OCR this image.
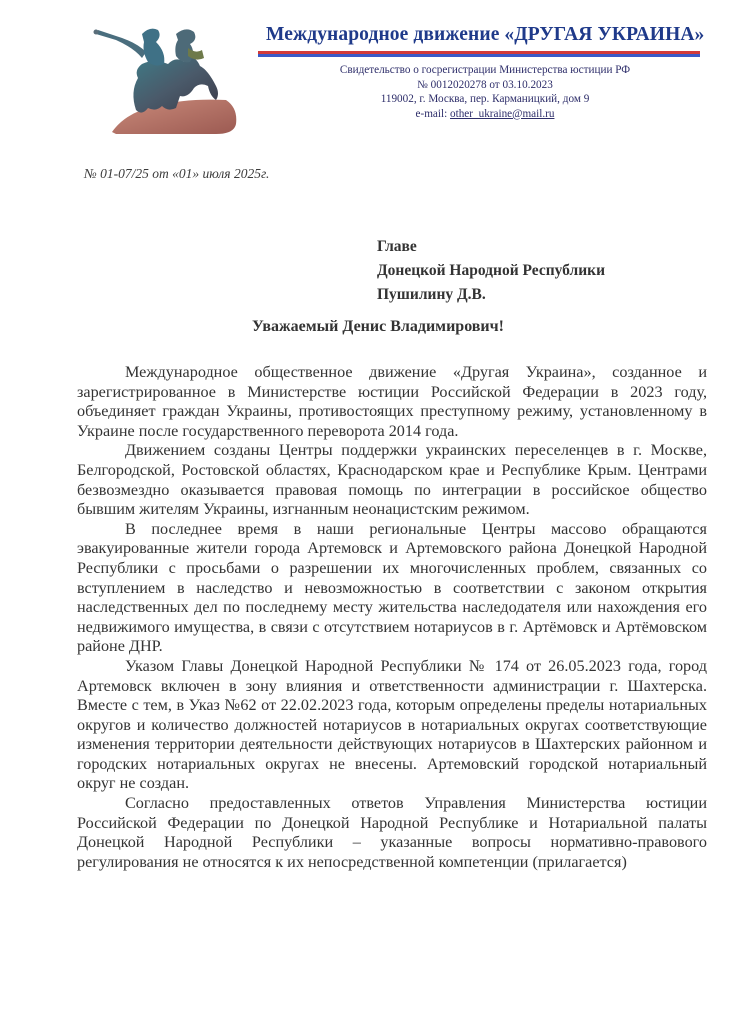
Международное движение «ДРУГАЯ УКРАИНА»
Свидетельство о госрегистрации Министерства юстиции РФ
№ 0012020278 от 03.10.2023
119002, г. Москва, пер. Карманицкий, дом 9
e-mail: other_ukraine@mail.ru
№ 01-07/25 от «01» июля 2025г.
Главе
Донецкой Народной Республики
Пушилину Д.В.
Уважаемый Денис Владимирович!

Международное общественное движение «Другая Украина», созданное и зарегистрированное в Министерстве юстиции Российской Федерации в 2023 году, объединяет граждан Украины, противостоящих преступному режиму, установленному в Украине после государственного переворота 2014 года.

Движением созданы Центры поддержки украинских переселенцев в г. Москве, Белгородской, Ростовской областях, Краснодарском крае и Республике Крым. Центрами безвозмездно оказывается правовая помощь по интеграции в российское общество бывшим жителям Украины, изгнанным неонацистским режимом.

В последнее время в наши региональные Центры массово обращаются эвакуированные жители города Артемовск и Артемовского района Донецкой Народной Республики с просьбами о разрешении их многочисленных проблем, связанных со вступлением в наследство и невозможностью в соответствии с законом открытия наследственных дел по последнему месту жительства наследодателя или нахождения его недвижимого имущества, в связи с отсутствием нотариусов в г. Артёмовск и Артёмовском районе ДНР.

Указом Главы Донецкой Народной Республики № 174 от 26.05.2023 года, город Артемовск включен в зону влияния и ответственности администрации г. Шахтерска. Вместе с тем, в Указ №62 от 22.02.2023 года, которым определены пределы нотариальных округов и количество должностей нотариусов в нотариальных округах соответствующие изменения территории деятельности действующих нотариусов в Шахтерских районном и городских нотариальных округах не внесены. Артемовский городской нотариальный округ не создан.

Согласно предоставленных ответов Управления Министерства юстиции Российской Федерации по Донецкой Народной Республике и Нотариальной палаты Донецкой Народной Республики – указанные вопросы нормативно-правового регулирования не относятся к их непосредственной компетенции (прилагается)
